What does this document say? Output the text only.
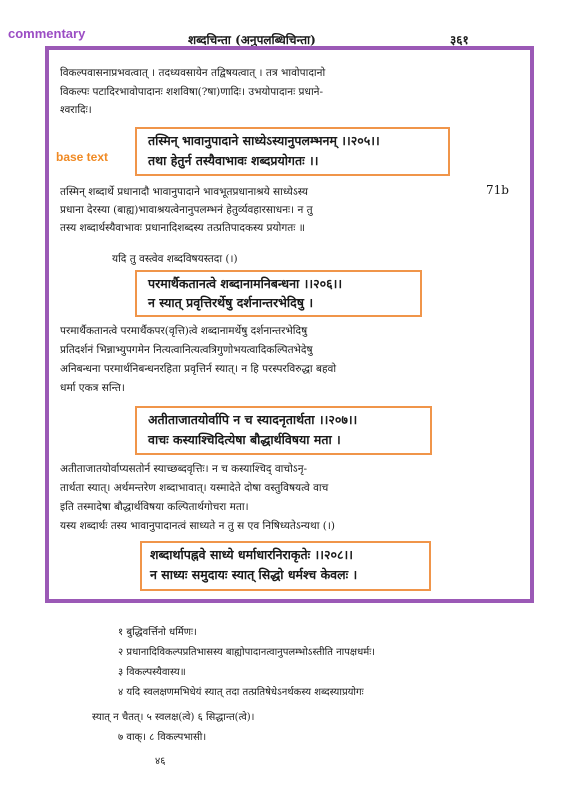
commentary
base text
शब्दचिन्ता (अनुपलब्धिचिन्ता)	३६१
विकल्पवासनाप्रभवत्वात् । तदध्यवसायेन तद्विषयत्वात् । तत्र भावोपादानो
विकल्पः पटादिरभावोपादानः शशविषा(?षा)णादिः। उभयोपादानः प्रधाने-
श्वरादिः।
तस्मिन् भावानुपादाने साध्येऽस्यानुपलम्भनम् ।।२०५।।
तथा हेतुर्न तस्यैवाभावः शब्दप्रयोगतः ।।
तस्मिन् शब्दार्थे प्रधानादौ भावानुपादाने भावभूतप्रधानाश्रये साध्येऽस्य
प्रधाना देरस्या (बाह्य)भावाश्रयत्वेनानुपलम्भनं हेतुर्व्यवहारसाधनः। न तु
तस्य शब्दार्थस्यैवाभावः प्रधानादिशब्दस्य तत्प्रतिपादकस्य प्रयोगतः ॥
71b
यदि तु वस्त्वेव शब्दविषयस्तदा (।)
परमार्थैकतानत्वे शब्दानामनिबन्धना ।।२०६।।
न स्यात् प्रवृत्तिरर्थेषु दर्शनान्तरभेदिषु ।
परमार्थैकतानत्वे परमार्थैकपर(वृत्ति)त्वे शब्दानामर्थेषु दर्शनान्तरभेदिषु
प्रतिदर्शनं भिन्नाभ्युपगमेन नित्यत्वानित्यत्वत्रिगुणोभयत्वादिकल्पितभेदेषु
अनिबन्धना परमार्थनिबन्धनरहिता प्रवृत्तिर्न स्यात्। न हि परस्परविरुद्धा बहवो
धर्मा एकत्र सन्ति।
अतीताजातयोर्वापि न च स्यादनृतार्थता ।।२०७।।
वाचः कस्याश्चिदित्येषा बौद्धार्थविषया मता ।
अतीताजातयोर्वाप्यसतोर्न स्याच्छब्दवृत्तिः। न च कस्याश्चिद् वाचोऽनृ-
तार्थता स्यात्। अर्थमन्तरेण शब्दाभावात्। यस्मादेते दोषा वस्तुविषयत्वे वाच
इति तस्मादेषा बौद्धार्थविषया कल्पितार्थगोचरा मता।
यस्य शब्दार्थः तस्य भावानुपादानत्वं साध्यते न तु स एव निषिध्यतेऽन्यथा (।)
शब्दार्थापह्नवे साध्ये धर्माधारनिराकृतेः ।।२०८।।
न साध्यः समुदायः स्यात् सिद्धो धर्मश्च केवलः ।
१ बुद्धिवर्त्तिनो धर्मिणः।
२ प्रधानादिविकल्पप्रतिभासस्य बाह्योपादानत्वानुपलम्भोऽस्तीति नापक्षधर्मः।
३ विकल्पस्यैवास्य॥
४ यदि स्वलक्षणमभिधेयं स्यात् तदा तत्प्रतिषेधेऽनर्थकस्य शब्दस्याप्रयोगः
स्यात् न चैतत्। ५ स्वलक्ष(त्वे) ६ सिद्धान्त(त्वे)।
७ वाक्। ८ विकल्पभासी।
४६
